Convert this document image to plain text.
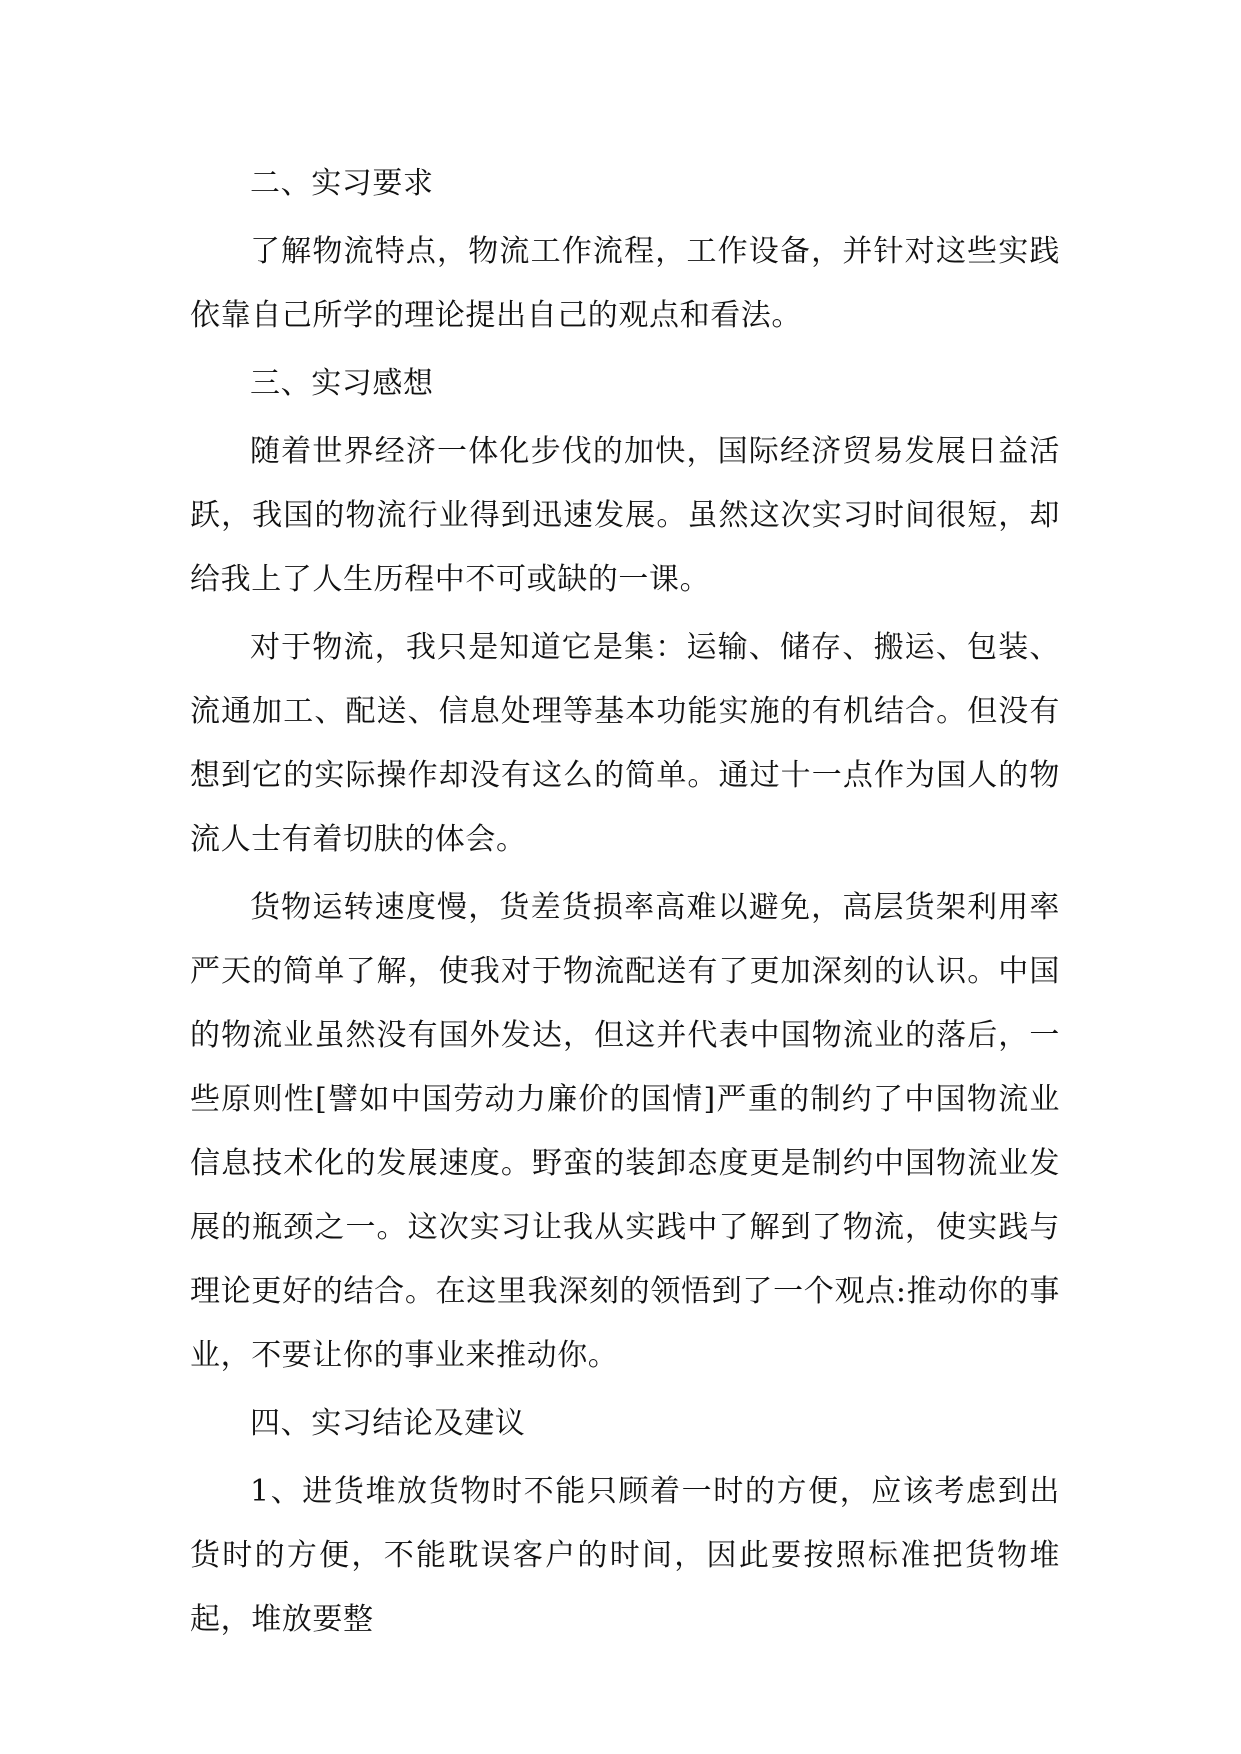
二、实习要求

了解物流特点，物流工作流程，工作设备，并针对这些实践依靠自己所学的理论提出自己的观点和看法。

三、实习感想

随着世界经济一体化步伐的加快，国际经济贸易发展日益活跃，我国的物流行业得到迅速发展。虽然这次实习时间很短，却给我上了人生历程中不可或缺的一课。

对于物流，我只是知道它是集：运输、储存、搬运、包装、流通加工、配送、信息处理等基本功能实施的有机结合。但没有想到它的实际操作却没有这么的简单。通过十一点作为国人的物流人士有着切肤的体会。

货物运转速度慢，货差货损率高难以避免，高层货架利用率严天的简单了解，使我对于物流配送有了更加深刻的认识。中国的物流业虽然没有国外发达，但这并代表中国物流业的落后，一些原则性[譬如中国劳动力廉价的国情]严重的制约了中国物流业信息技术化的发展速度。野蛮的装卸态度更是制约中国物流业发展的瓶颈之一。这次实习让我从实践中了解到了物流，使实践与理论更好的结合。在这里我深刻的领悟到了一个观点:推动你的事业，不要让你的事业来推动你。

四、实习结论及建议

1、进货堆放货物时不能只顾着一时的方便，应该考虑到出货时的方便，不能耽误客户的时间，因此要按照标准把货物堆起，堆放要整
